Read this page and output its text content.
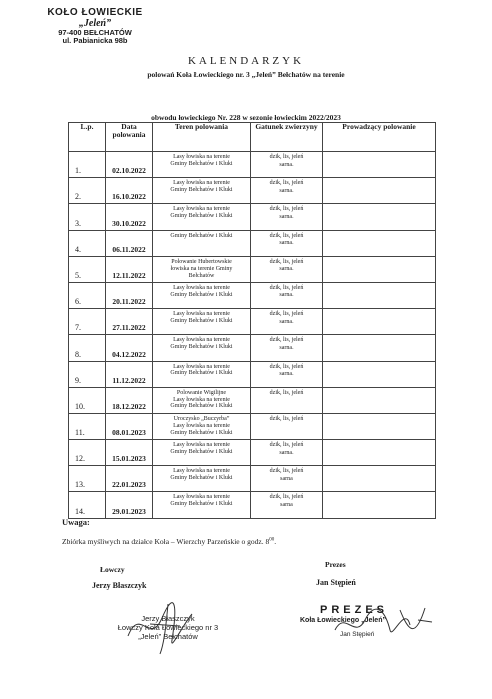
KOŁO ŁOWIECKIE
„Jeleń”
97-400 BEŁCHATÓW
ul. Pabianicka 98b
KALENDARZYK
polowań Koła Łowieckiego nr. 3 „Jeleń” Bełchatów na terenie
obwodu łowieckiego Nr. 228 w sezonie łowieckim 2022/2023
L.p.	Data polowania	Teren polowania	Gatunek zwierzyny	Prowadzący polowanie
1.	02.10.2022	Lasy łowiska na terenie
Gminy Bełchatów i Kluki	dzik, lis, jeleń
sarna.	

2.	16.10.2022	Lasy łowiska na terenie
Gminy Bełchatów i Kluki	dzik, lis, jeleń
sarna.	

3.	30.10.2022	Lasy łowiska na terenie
Gminy Bełchatów i Kluki	dzik, lis, jeleń
sarna.	

4.	06.11.2022	Gminy Bełchatów i Kluki	dzik, lis, jeleń
sarna.	

5.	12.11.2022	Polowanie Hubertowskie
łowiska na terenie Gminy
Bełchatów	dzik, lis, jeleń
sarna.	

6.	20.11.2022	Lasy łowiska na terenie
Gminy Bełchatów i Kluki	dzik, lis, jeleń
sarna.	

7.	27.11.2022	Lasy łowiska na terenie
Gminy Bełchatów i Kluki	dzik, lis, jeleń
sarna.	

8.	04.12.2022	Lasy łowiska na terenie
Gminy Bełchatów i Kluki	dzik, lis, jeleń
sarna.	

9.	11.12.2022	Lasy łowiska na terenie
Gminy Bełchatów i Kluki	dzik, lis, jeleń
sarna.	

10.	18.12.2022	Polowanie Wigilijne
Lasy łowiska na terenie
Gminy Bełchatów i Kluki	dzik, lis, jeleń	

11.	08.01.2023	Uroczysko „Buczyrba”
Lasy łowiska na terenie
Gminy Bełchatów i Kluki	dzik, lis, jeleń	

12.	15.01.2023	Lasy łowiska na terenie
Gminy Bełchatów i Kluki	dzik, lis, jeleń
sarna.	

13.	22.01.2023	Lasy łowiska na terenie
Gminy Bełchatów i Kluki	dzik, lis, jeleń
sarna	

14.	29.01.2023	Lasy łowiska na terenie
Gminy Bełchatów i Kluki	dzik, lis, jeleń
sarna	

Uwaga:
Zbiórka myśliwych na działce Koła – Wierzchy Parzeńskie o godz. $8^{00}$.
Łowczy
Prezes
Jerzy Błaszczyk	Jan Stępień
Jerzy Błaszczyk
Łowczy Koła Łowieckiego nr 3
„Jeleń” Bełchatów
PREZES
Koła Łowieckiego „Jeleń”
Jan Stępień
